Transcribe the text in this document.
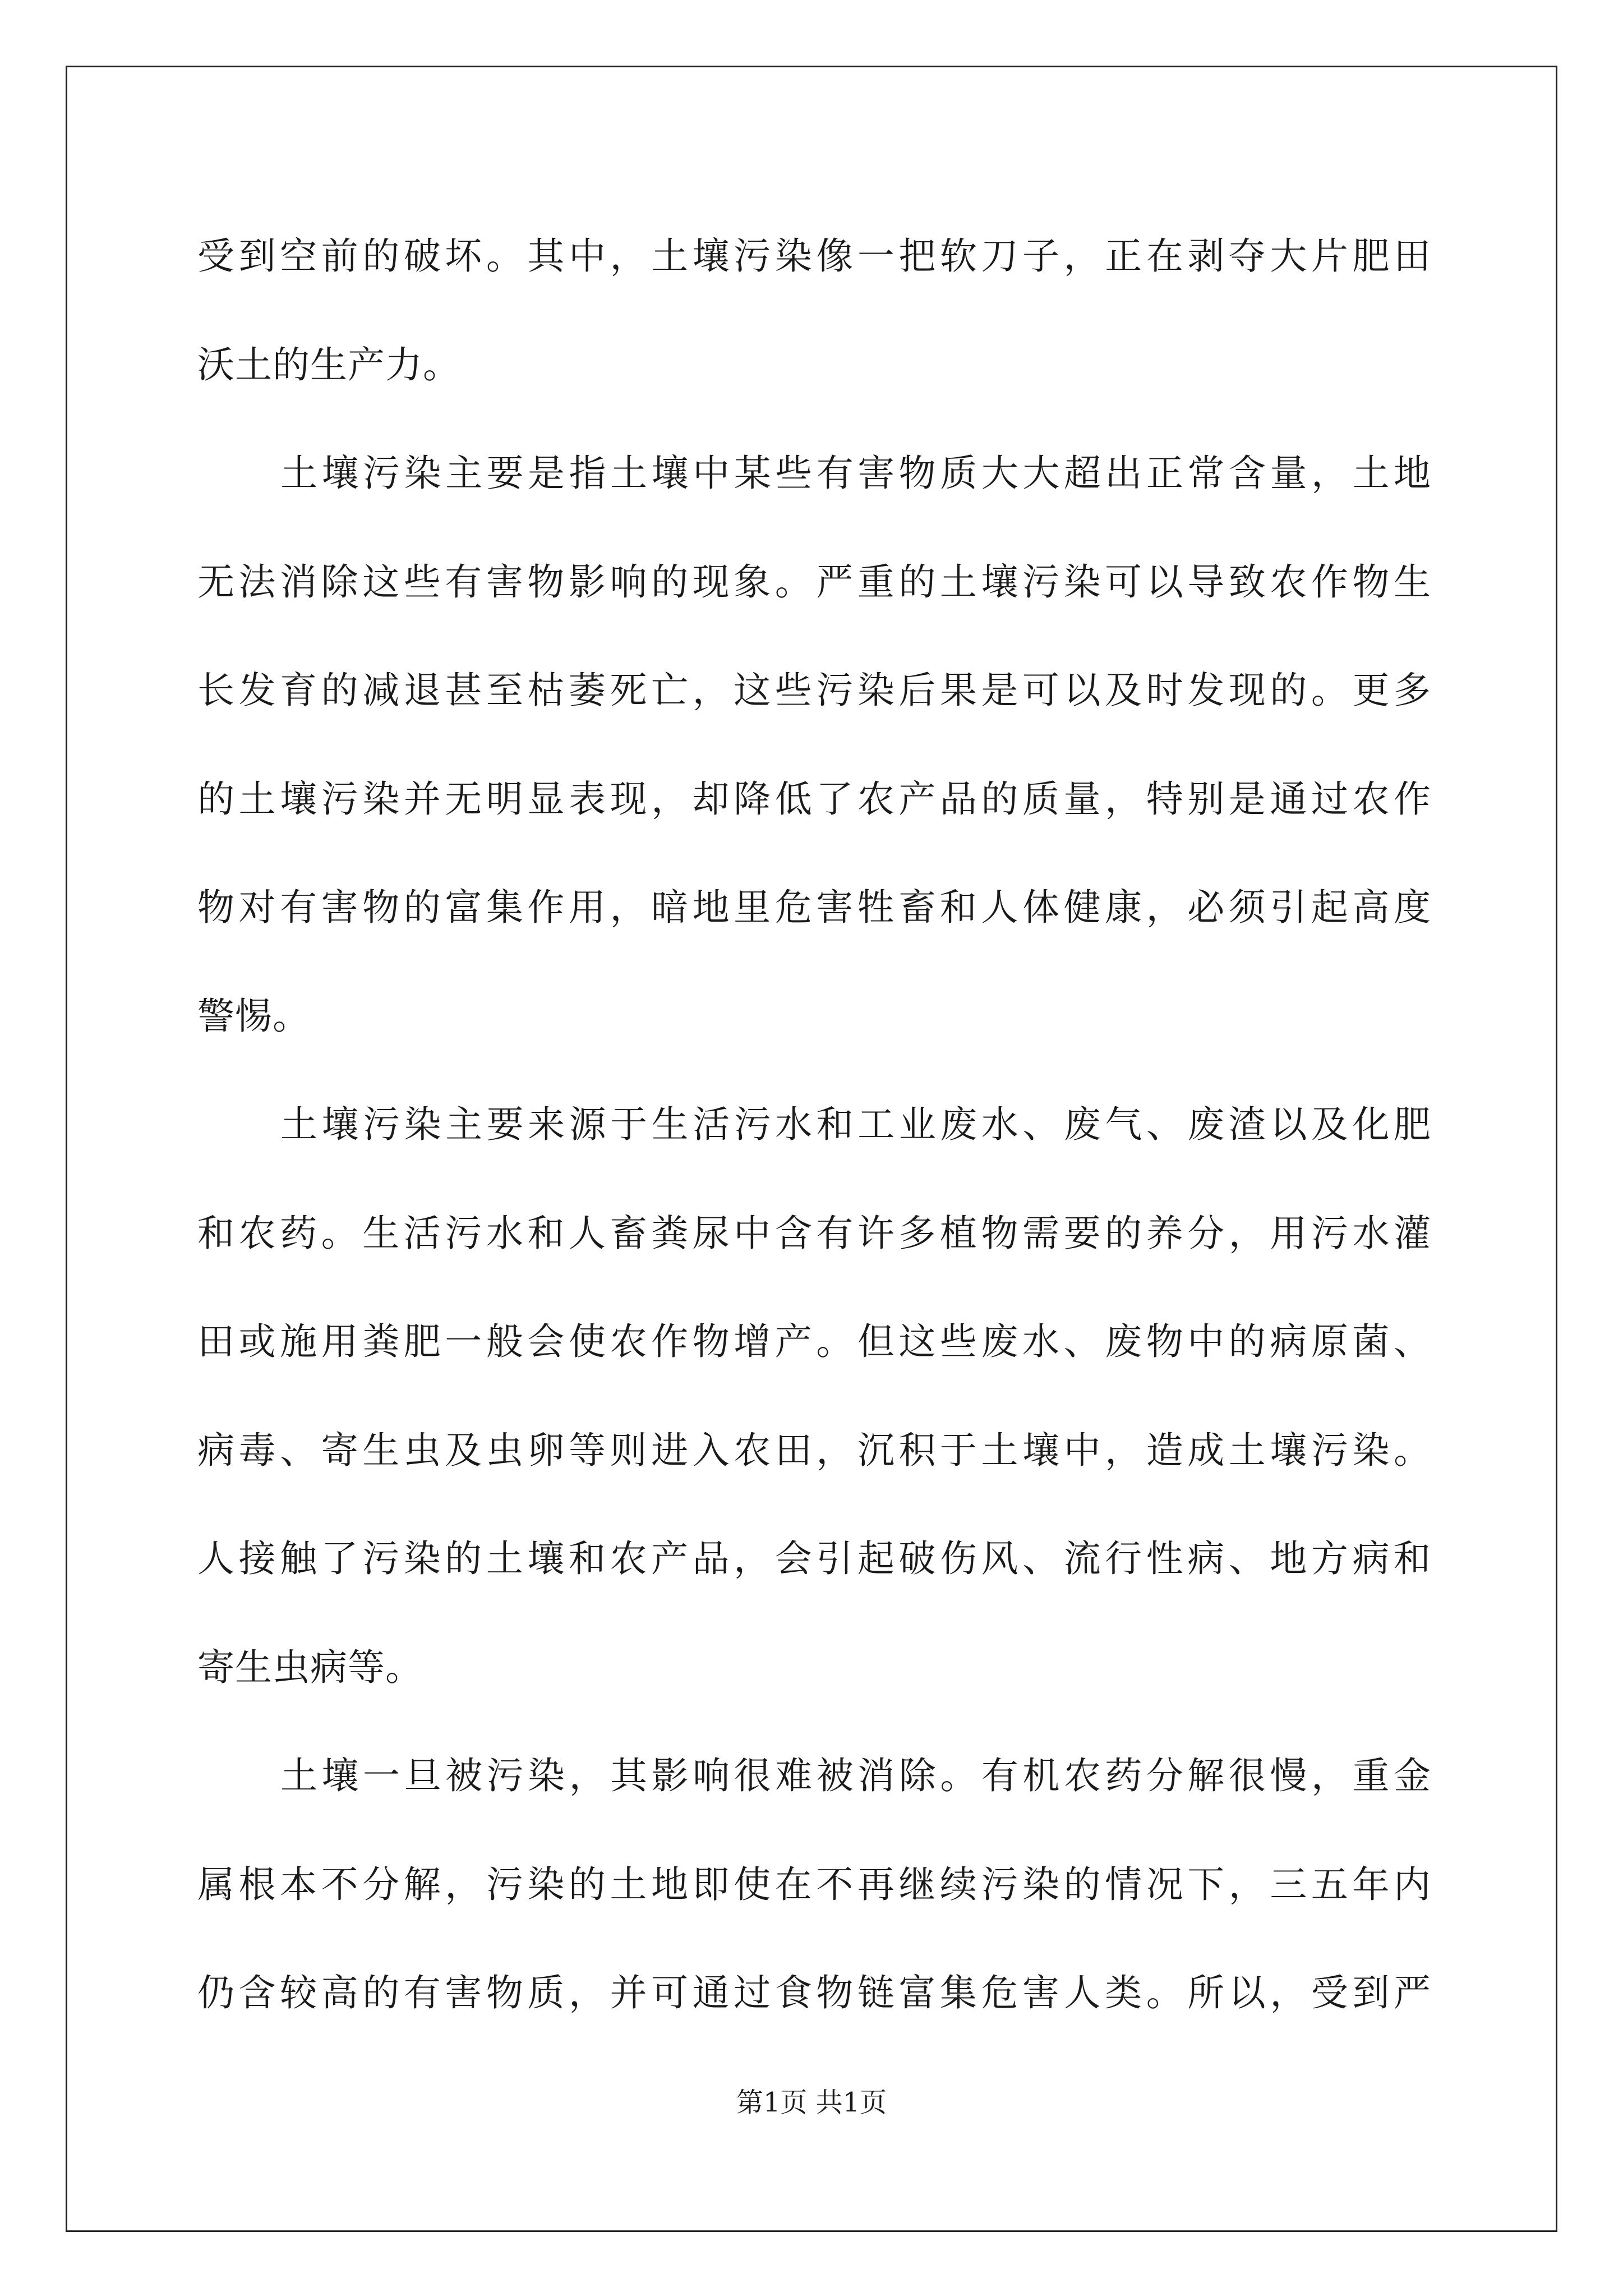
受到空前的破坏。其中，土壤污染像一把软刀子，正在剥夺大片肥田
沃土的生产力。
土壤污染主要是指土壤中某些有害物质大大超出正常含量，土地
无法消除这些有害物影响的现象。严重的土壤污染可以导致农作物生
长发育的减退甚至枯萎死亡，这些污染后果是可以及时发现的。更多
的土壤污染并无明显表现，却降低了农产品的质量，特别是通过农作
物对有害物的富集作用，暗地里危害牲畜和人体健康，必须引起高度
警惕。
土壤污染主要来源于生活污水和工业废水、废气、废渣以及化肥
和农药。生活污水和人畜粪尿中含有许多植物需要的养分，用污水灌
田或施用粪肥一般会使农作物增产。但这些废水、废物中的病原菌、
病毒、寄生虫及虫卵等则进入农田，沉积于土壤中，造成土壤污染。
人接触了污染的土壤和农产品，会引起破伤风、流行性病、地方病和
寄生虫病等。
土壤一旦被污染，其影响很难被消除。有机农药分解很慢，重金
属根本不分解，污染的土地即使在不再继续污染的情况下，三五年内
仍含较高的有害物质，并可通过食物链富集危害人类。所以，受到严
第1页 共1页
